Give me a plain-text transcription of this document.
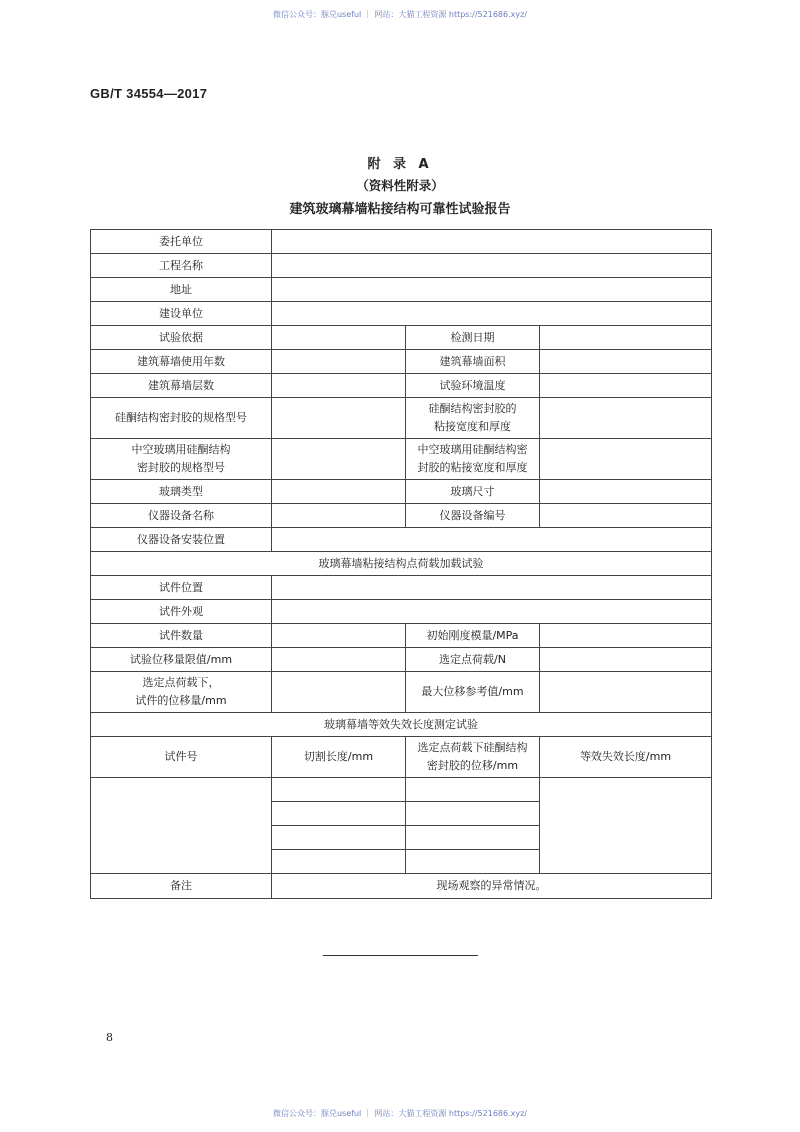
微信公众号：豚兑useful ｜ 网站：大猫工程资源 https://521686.xyz/
GB/T 34554—2017
附 录 A
（资料性附录）
建筑玻璃幕墙粘接结构可靠性试验报告
委托单位			
工程名称			
地址			
建设单位			
试验依据		检测日期	
建筑幕墙使用年数		建筑幕墙面积	
建筑幕墙层数		试验环境温度	
硅酮结构密封胶的规格型号		硅酮结构密封胶的
粘接宽度和厚度	
中空玻璃用硅酮结构
密封胶的规格型号		中空玻璃用硅酮结构密
封胶的粘接宽度和厚度	
玻璃类型		玻璃尺寸	
仪器设备名称		仪器设备编号	
仪器设备安装位置			
玻璃幕墙粘接结构点荷载加载试验			
试件位置			
试件外观			
试件数量		初始刚度模量/MPa	
试验位移量限值/mm		选定点荷载/N	
选定点荷载下，
试件的位移量/mm		最大位移参考值/mm	
玻璃幕墙等效失效长度测定试验			
试件号	切割长度/mm	选定点荷载下硅酮结构
密封胶的位移/mm	等效失效长度/mm

备注	现场观察的异常情况。		
8
微信公众号：豚兑useful ｜ 网站：大猫工程资源 https://521686.xyz/
